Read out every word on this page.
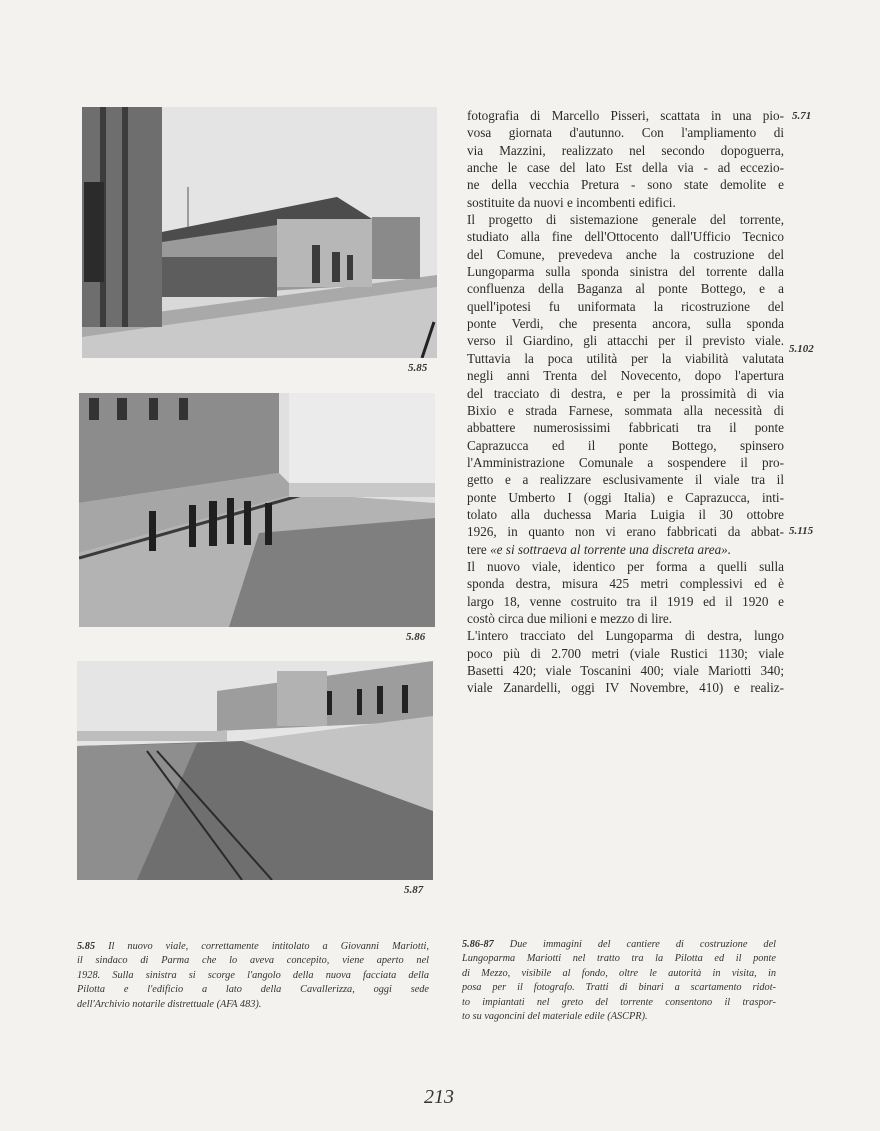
5.85
5.86
5.87
fotografia di Marcello Pisseri, scattata in una pio-
vosa giornata d'autunno. Con l'ampliamento di
via Mazzini, realizzato nel secondo dopoguerra,
anche le case del lato Est della via - ad eccezio-
ne della vecchia Pretura - sono state demolite e
sostituite da nuovi e incombenti edifici.
Il progetto di sistemazione generale del torrente,
studiato alla fine dell'Ottocento dall'Ufficio Tecnico
del Comune, prevedeva anche la costruzione del
Lungoparma sulla sponda sinistra del torrente dalla
confluenza della Baganza al ponte Bottego, e a
quell'ipotesi fu uniformata la ricostruzione del
ponte Verdi, che presenta ancora, sulla sponda
verso il Giardino, gli attacchi per il previsto viale.
Tuttavia la poca utilità per la viabilità valutata
negli anni Trenta del Novecento, dopo l'apertura
del tracciato di destra, e per la prossimità di via
Bixio e strada Farnese, sommata alla necessità di
abbattere numerosissimi fabbricati tra il ponte
Caprazucca ed il ponte Bottego, spinsero
l'Amministrazione Comunale a sospendere il pro-
getto e a realizzare esclusivamente il viale tra il
ponte Umberto I (oggi Italia) e Caprazucca, inti-
tolato alla duchessa Maria Luigia il 30 ottobre
1926, in quanto non vi erano fabbricati da abbat-
tere «e si sottraeva al torrente una discreta area».
Il nuovo viale, identico per forma a quelli sulla
sponda destra, misura 425 metri complessivi ed è
largo 18, venne costruito tra il 1919 ed il 1920 e
costò circa due milioni e mezzo di lire.
L'intero tracciato del Lungoparma di destra, lungo
poco più di 2.700 metri (viale Rustici 1130; viale
Basetti 420; viale Toscanini 400; viale Mariotti 340;
viale Zanardelli, oggi IV Novembre, 410) e realiz-
5.71
5.102
5.115
5.85 Il nuovo viale, correttamente intitolato a Giovanni Mariotti,
il sindaco di Parma che lo aveva concepito, viene aperto nel
1928. Sulla sinistra si scorge l'angolo della nuova facciata della
Pilotta e l'edificio a lato della Cavallerizza, oggi sede
dell'Archivio notarile distrettuale (AFA 483).
5.86-87 Due immagini del cantiere di costruzione del
Lungoparma Mariotti nel tratto tra la Pilotta ed il ponte
di Mezzo, visibile al fondo, oltre le autorità in visita, in
posa per il fotografo. Tratti di binari a scartamento ridot-
to impiantati nel greto del torrente consentono il traspor-
to su vagoncini del materiale edile (ASCPR).
213
